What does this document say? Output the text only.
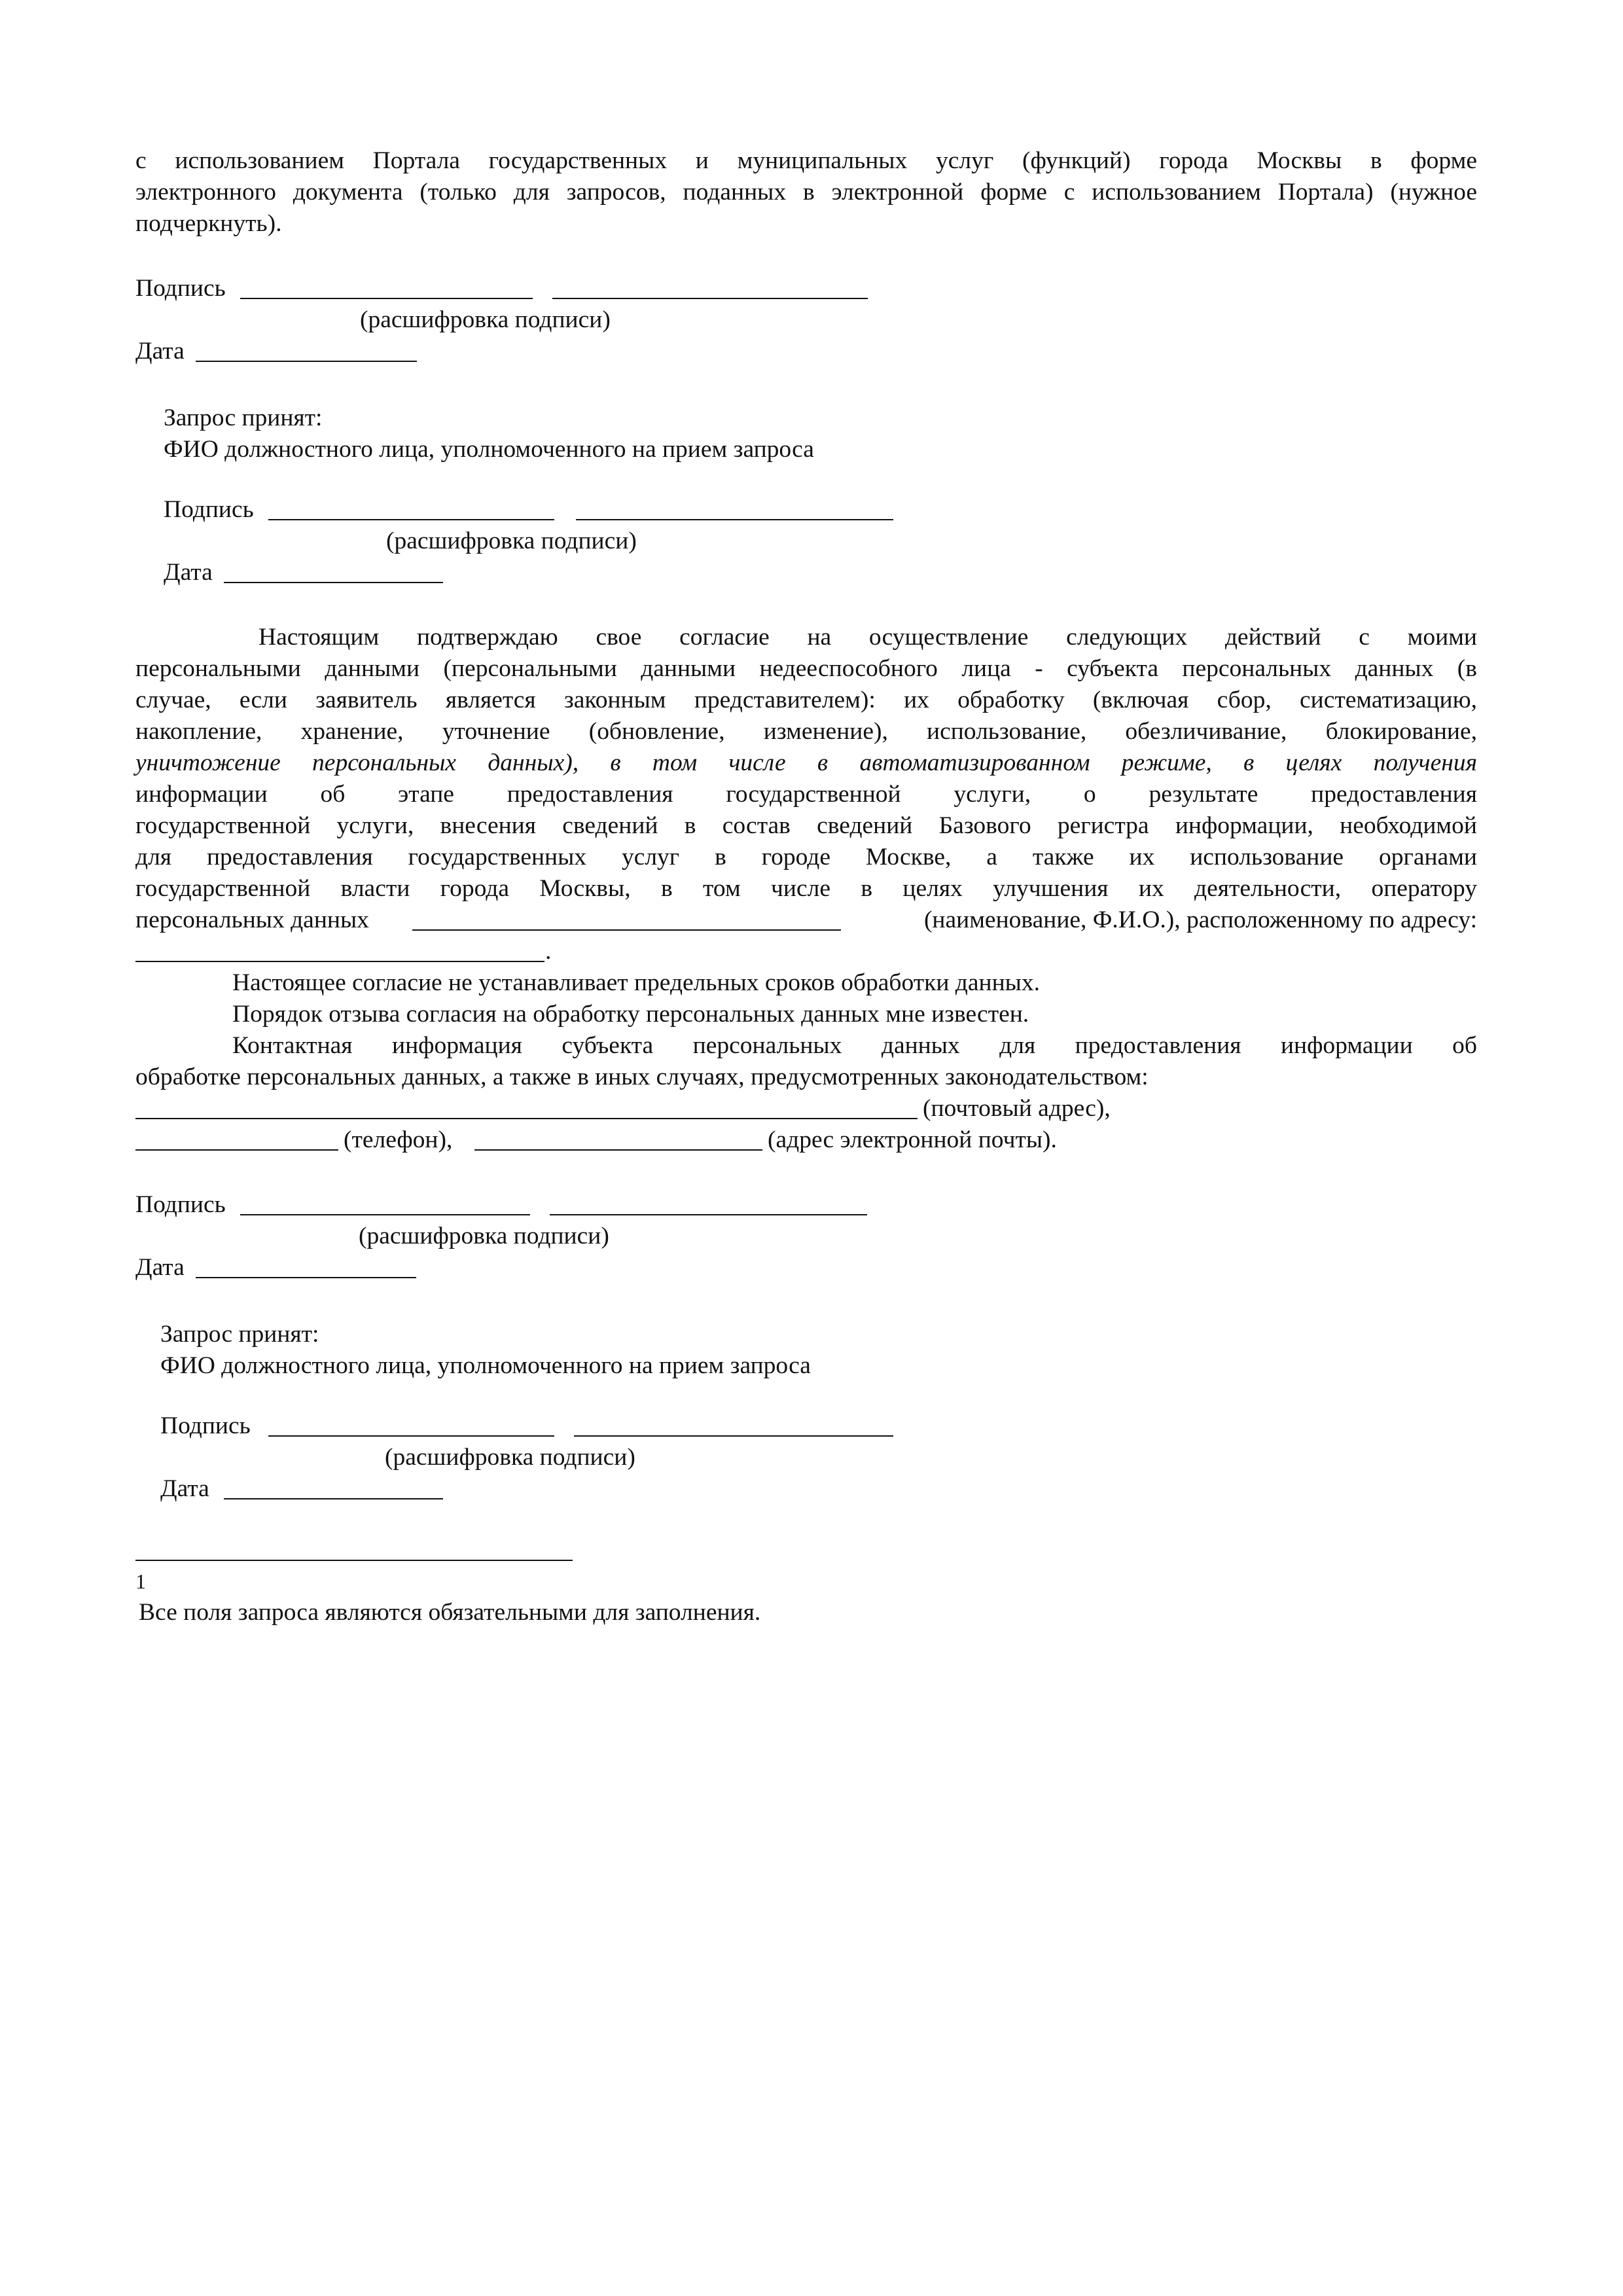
с использованием Портала государственных и муниципальных услуг (функций) города Москвы в форме
электронного документа (только для запросов, поданных в электронной форме с использованием Портала) (нужное
подчеркнуть).
Подпись
(расшифровка подписи)
Дата
Запрос принят:
ФИО должностного лица, уполномоченного на прием запроса
Подпись
(расшифровка подписи)
Дата
Настоящим подтверждаю свое согласие на осуществление следующих действий с моими
персональными данными (персональными данными недееспособного лица - субъекта персональных данных (в
случае, если заявитель является законным представителем): их обработку (включая сбор, систематизацию,
накопление, хранение, уточнение (обновление, изменение), использование, обезличивание, блокирование,
уничтожение персональных данных), в том числе в автоматизированном режиме, в целях получения
информации об этапе предоставления государственной услуги, о результате предоставления
государственной услуги, внесения сведений в состав сведений Базового регистра информации, необходимой
для предоставления государственных услуг в городе Москве, а также их использование органами
государственной власти города Москвы, в том числе в целях улучшения их деятельности, оператору
персональных данных	(наименование, Ф.И.О.), расположенному по адресу:
.
Настоящее согласие не устанавливает предельных сроков обработки данных.
Порядок отзыва согласия на обработку персональных данных мне известен.
Контактная информация субъекта персональных данных для предоставления информации об
обработке персональных данных, а также в иных случаях, предусмотренных законодательством:
(почтовый адрес),
(телефон),	(адрес электронной почты).
Подпись
(расшифровка подписи)
Дата
Запрос принят:
ФИО должностного лица, уполномоченного на прием запроса
Подпись
(расшифровка подписи)
Дата
1
Все поля запроса являются обязательными для заполнения.
